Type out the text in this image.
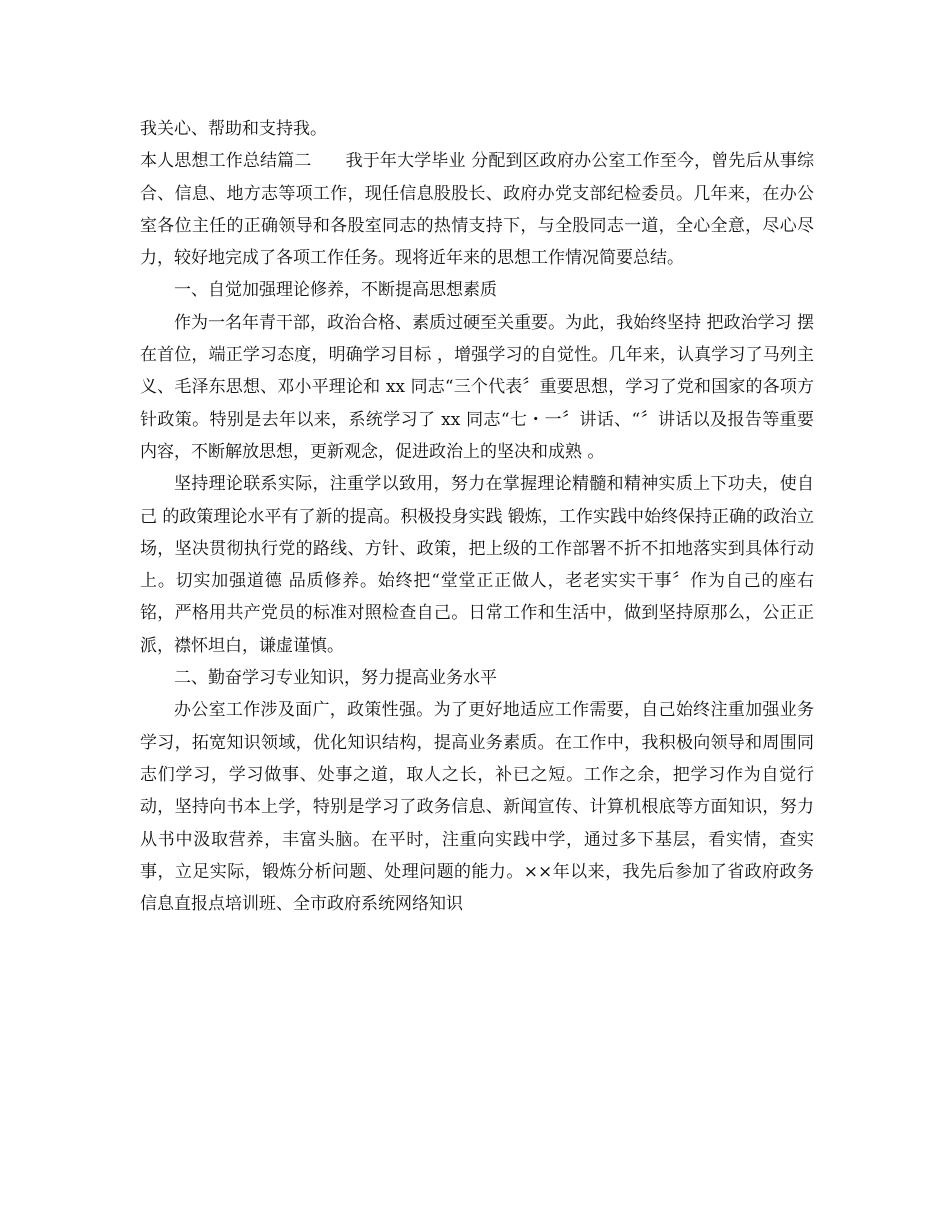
我关心、帮助和支持我。

本人思想工作总结篇二 我于年大学毕业 分配到区政府办公室工作至今，曾先后从事综合、信息、地方志等项工作，现任信息股股长、政府办党支部纪检委员。几年来，在办公室各位主任的正确领导和各股室同志的热情支持下，与全股同志一道，全心全意，尽心尽力，较好地完成了各项工作任务。现将近年来的思想工作情况简要总结。

一、自觉加强理论修养，不断提高思想素质

作为一名年青干部，政治合格、素质过硬至关重要。为此，我始终坚持 把政治学习 摆在首位，端正学习态度，明确学习目标 ，增强学习的自觉性。几年来，认真学习了马列主义、毛泽东思想、邓小平理论和 xx 同志“三个代表〞重要思想，学习了党和国家的各项方针政策。特别是去年以来，系统学习了 xx 同志“七・一〞讲话、“〞讲话以及报告等重要内容，不断解放思想，更新观念，促进政治上的坚决和成熟 。

坚持理论联系实际，注重学以致用，努力在掌握理论精髓和精神实质上下功夫，使自己 的政策理论水平有了新的提高。积极投身实践 锻炼，工作实践中始终保持正确的政治立场，坚决贯彻执行党的路线、方针、政策，把上级的工作部署不折不扣地落实到具体行动上。切实加强道德 品质修养。始终把“堂堂正正做人，老老实实干事〞作为自己的座右铭，严格用共产党员的标准对照检查自己。日常工作和生活中，做到坚持原那么，公正正派，襟怀坦白，谦虚谨慎。

二、勤奋学习专业知识，努力提高业务水平

办公室工作涉及面广，政策性强。为了更好地适应工作需要，自己始终注重加强业务学习，拓宽知识领域，优化知识结构，提高业务素质。在工作中，我积极向领导和周围同志们学习，学习做事、处事之道，取人之长，补已之短。工作之余，把学习作为自觉行动，坚持向书本上学，特别是学习了政务信息、新闻宣传、计算机根底等方面知识，努力从书中汲取营养，丰富头脑。在平时，注重向实践中学，通过多下基层，看实情，查实事，立足实际，锻炼分析问题、处理问题的能力。××年以来，我先后参加了省政府政务信息直报点培训班、全市政府系统网络知识
